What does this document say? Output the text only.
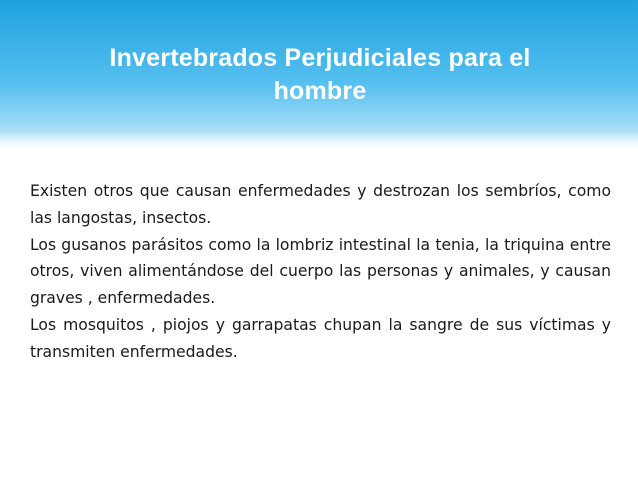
Invertebrados Perjudiciales para el
hombre

Existen otros que causan enfermedades y destrozan los sembríos, como las langostas, insectos.

Los gusanos parásitos como la lombriz intestinal la tenia, la triquina entre otros, viven alimentándose del cuerpo las personas y animales, y causan graves , enfermedades.

Los mosquitos , piojos y garrapatas chupan la sangre de sus víctimas y transmiten enfermedades.
